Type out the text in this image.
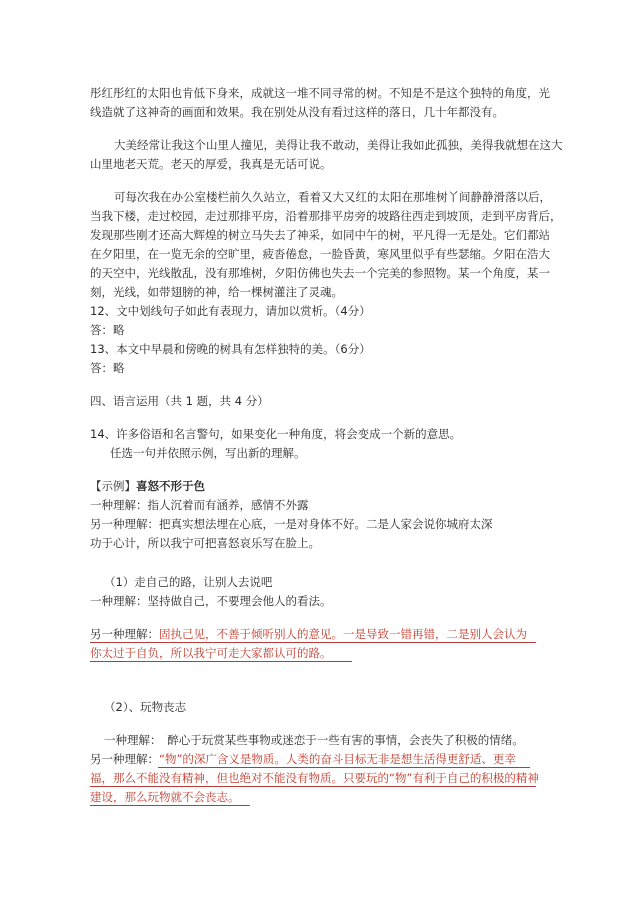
彤红彤红的太阳也肯低下身来，成就这一堆不同寻常的树。不知是不是这个独特的角度，光
线造就了这神奇的画面和效果。我在别处从没有看过这样的落日，几十年都没有。
大美经常让我这个山里人撞见，美得让我不敢动，美得让我如此孤独，美得我就想在这大
山里地老天荒。老天的厚爱，我真是无话可说。
可每次我在办公室楼栏前久久站立，看着又大又红的太阳在那堆树丫间静静滑落以后，
当我下楼，走过校园，走过那排平房，沿着那排平房旁的坡路往西走到坡顶，走到平房背后，
发现那些刚才还高大辉煌的树立马失去了神采，如同中午的树，平凡得一无是处。它们都站
在夕阳里，在一览无余的空旷里，疲沓倦怠，一脸昏黄，寒风里似乎有些瑟缩。夕阳在浩大
的天空中，光线散乱，没有那堆树，夕阳仿佛也失去一个完美的参照物。某一个角度，某一
刻，光线，如带翅膀的神，给一棵树灌注了灵魂。
12、文中划线句子如此有表现力，请加以赏析。（4分）
答：略
13、本文中早晨和傍晚的树具有怎样独特的美。（6分）
答：略
四、语言运用（共 1 题，共 4 分）
14、许多俗语和名言警句，如果变化一种角度，将会变成一个新的意思。
任选一句并依照示例，写出新的理解。
【示例】喜怒不形于色
一种理解：指人沉着而有涵养，感情不外露
另一种理解：把真实想法埋在心底，一是对身体不好。二是人家会说你城府太深
功于心计，所以我宁可把喜怒哀乐写在脸上。
（1）走自己的路，让别人去说吧
一种理解：坚持做自己，不要理会他人的看法。
另一种理解：固执己见，不善于倾听别人的意见。一是导致一错再错，二是别人会认为
你太过于自负，所以我宁可走大家都认可的路。
（2）、玩物丧志
一种理解：　醉心于玩赏某些事物或迷恋于一些有害的事情，会丧失了积极的情绪。
另一种理解：“物”的深广含义是物质。人类的奋斗目标无非是想生活得更舒适、更幸
福，那么不能没有精神，但也绝对不能没有物质。只要玩的“物”有利于自己的积极的精神
建设，那么玩物就不会丧志。
